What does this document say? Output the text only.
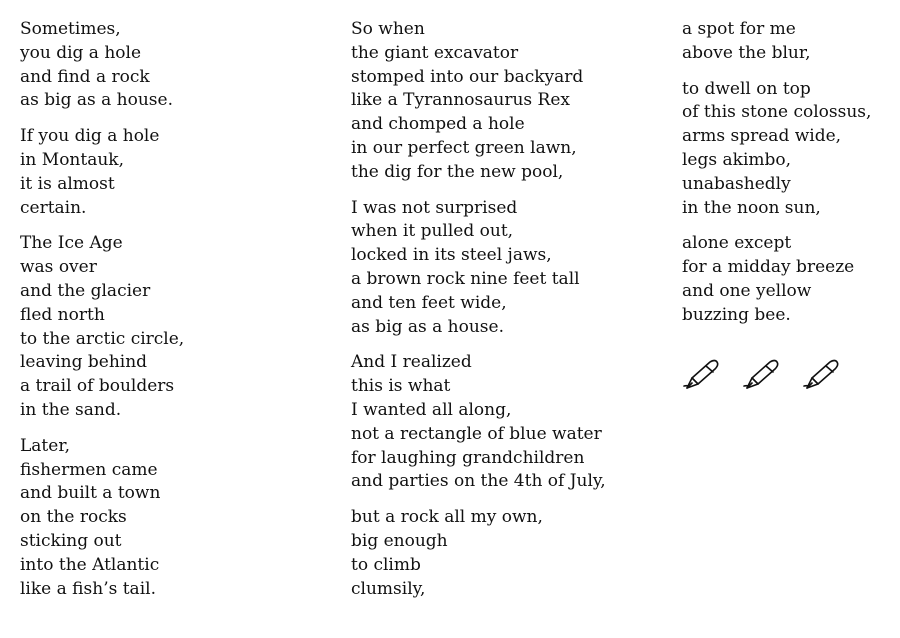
Sometimes,
you dig a hole
and find a rock
as big as a house.
If you dig a hole
in Montauk,
it is almost
certain.
The Ice Age
was over
and the glacier
fled north
to the arctic circle,
leaving behind
a trail of boulders
in the sand.
Later,
fishermen came
and built a town
on the rocks
sticking out
into the Atlantic
like a fish’s tail.
So when
the giant excavator
stomped into our backyard
like a Tyrannosaurus Rex
and chomped a hole
in our perfect green lawn,
the dig for the new pool,
I was not surprised
when it pulled out,
locked in its steel jaws,
a brown rock nine feet tall
and ten feet wide,
as big as a house.
And I realized
this is what
I wanted all along,
not a rectangle of blue water
for laughing grandchildren
and parties on the 4th of July,
but a rock all my own,
big enough
to climb
clumsily,
a spot for me
above the blur,
to dwell on top
of this stone colossus,
arms spread wide,
legs akimbo,
unabashedly
in the noon sun,
alone except
for a midday breeze
and one yellow
buzzing bee.
